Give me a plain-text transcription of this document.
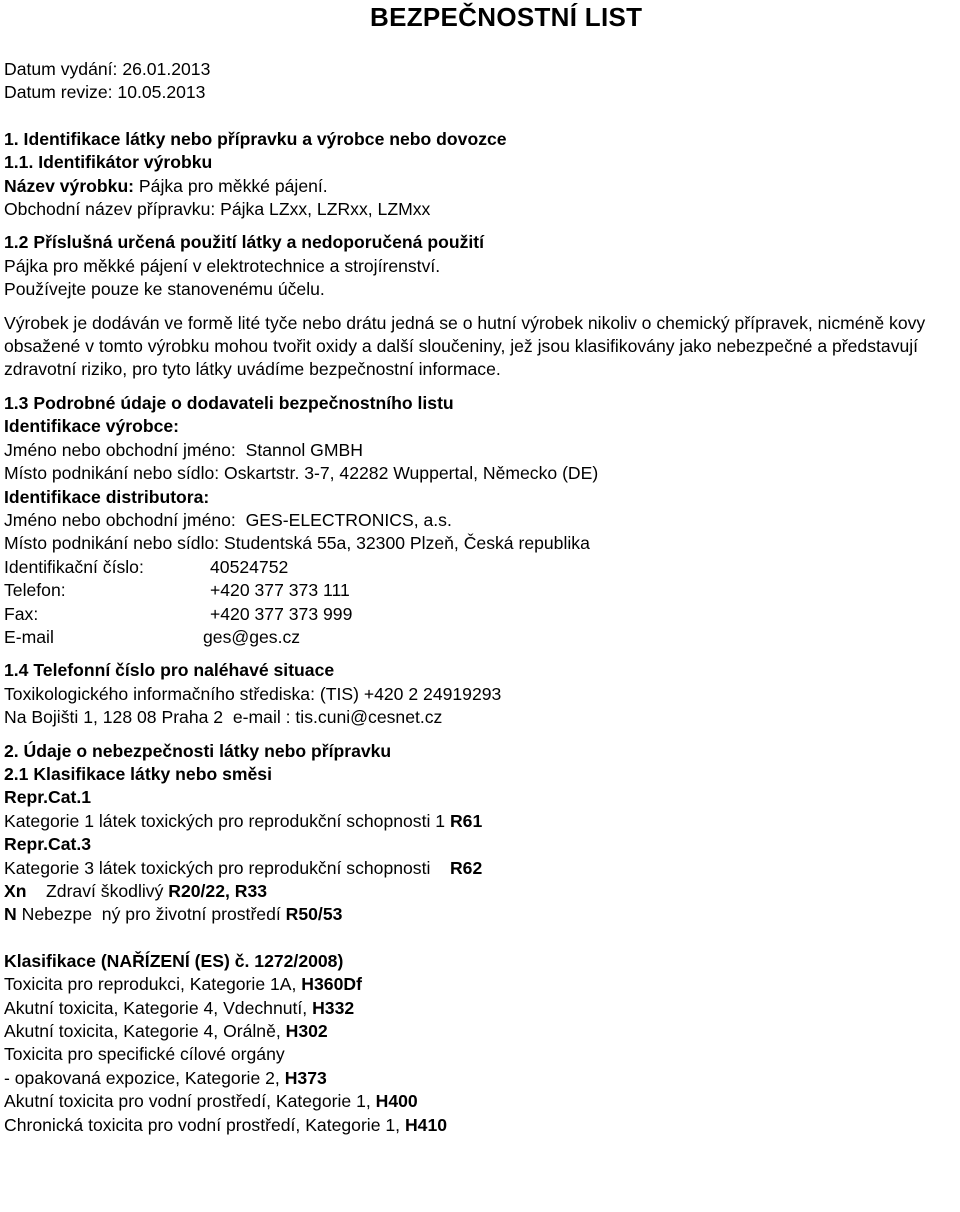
BEZPEČNOSTNÍ LIST
Datum vydání: 26.01.2013
Datum revize: 10.05.2013
1. Identifikace látky nebo přípravku a výrobce nebo dovozce
1.1. Identifikátor výrobku
Název výrobku: Pájka pro měkké pájení.
Obchodní název přípravku: Pájka LZxx, LZRxx, LZMxx
1.2 Příslušná určená použití látky a nedoporučená použití
Pájka pro měkké pájení v elektrotechnice a strojírenství.
Používejte pouze ke stanovenému účelu.
Výrobek je dodáván ve formě lité tyče nebo drátu jedná se o hutní výrobek nikoliv o chemický přípravek, nicméně kovy obsažené v tomto výrobku mohou tvořit oxidy a další sloučeniny, jež jsou klasifikovány jako nebezpečné a představují zdravotní riziko, pro tyto látky uvádíme bezpečnostní informace.
1.3 Podrobné údaje o dodavateli bezpečnostního listu
Identifikace výrobce:
Jméno nebo obchodní jméno:  Stannol GMBH
Místo podnikání nebo sídlo: Oskartstr. 3-7, 42282 Wuppertal, Německo (DE)
Identifikace distributora:
Jméno nebo obchodní jméno:  GES-ELECTRONICS, a.s.
Místo podnikání nebo sídlo: Studentská 55a, 32300 Plzeň, Česká republika
Identifikační číslo:	40524752
Telefon:	+420 377 373 111
Fax:	+420 377 373 999
E-mail	ges@ges.cz
1.4 Telefonní číslo pro naléhavé situace
Toxikologického informačního střediska: (TIS) +420 2 24919293
Na Bojišti 1, 128 08 Praha 2  e-mail : tis.cuni@cesnet.cz
2. Údaje o nebezpečnosti látky nebo přípravku
2.1 Klasifikace látky nebo směsi
Repr.Cat.1
Kategorie 1 látek toxických pro reprodukční schopnosti 1 R61
Repr.Cat.3
Kategorie 3 látek toxických pro reprodukční schopnosti    R62
Xn    Zdraví škodlivý R20/22, R33
N Nebezpe  ný pro životní prostředí R50/53
Klasifikace (NAŘÍZENÍ (ES) č. 1272/2008)
Toxicita pro reprodukci, Kategorie 1A, H360Df
Akutní toxicita, Kategorie 4, Vdechnutí, H332
Akutní toxicita, Kategorie 4, Orálně, H302
Toxicita pro specifické cílové orgány
- opakovaná expozice, Kategorie 2, H373
Akutní toxicita pro vodní prostředí, Kategorie 1, H400
Chronická toxicita pro vodní prostředí, Kategorie 1, H410
